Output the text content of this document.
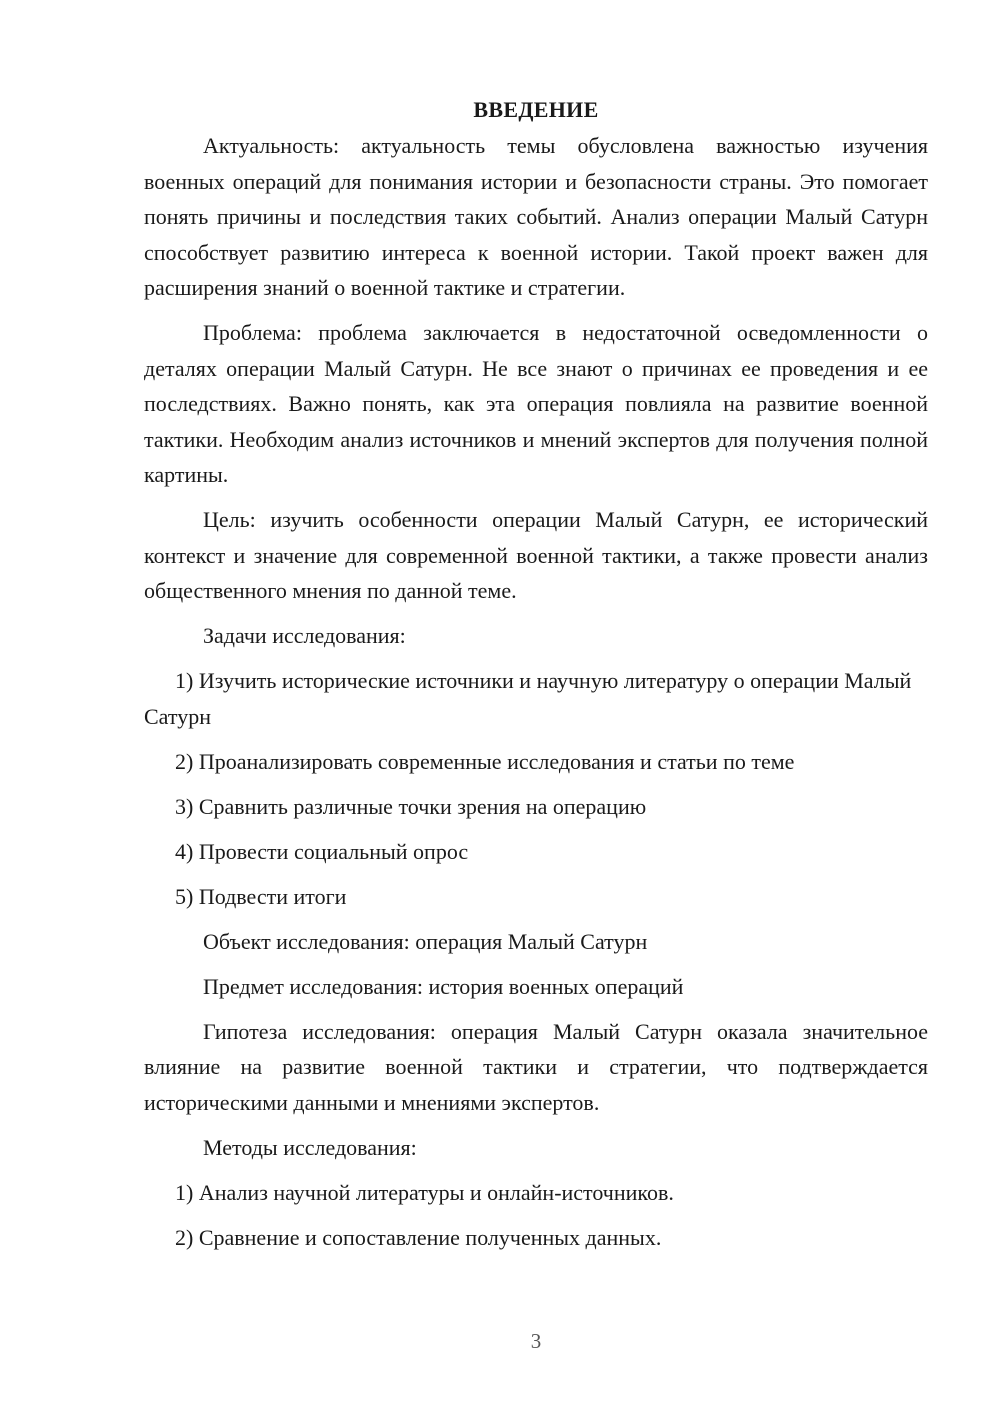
ВВЕДЕНИЕ

Актуальность: актуальность темы обусловлена важностью изучения военных операций для понимания истории и безопасности страны. Это помогает понять причины и последствия таких событий. Анализ операции Малый Сатурн способствует развитию интереса к военной истории. Такой проект важен для расширения знаний о военной тактике и стратегии.

Проблема: проблема заключается в недостаточной осведомленности о деталях операции Малый Сатурн. Не все знают о причинах ее проведения и ее последствиях. Важно понять, как эта операция повлияла на развитие военной тактики. Необходим анализ источников и мнений экспертов для получения полной картины.

Цель: изучить особенности операции Малый Сатурн, ее исторический контекст и значение для современной военной тактики, а также провести анализ общественного мнения по данной теме.

Задачи исследования:

1) Изучить исторические источники и научную литературу о операции Малый Сатурн

2) Проанализировать современные исследования и статьи по теме

3) Сравнить различные точки зрения на операцию

4) Провести социальный опрос

5) Подвести итоги

Объект исследования: операция Малый Сатурн

Предмет исследования: история военных операций

Гипотеза исследования: операция Малый Сатурн оказала значительное влияние на развитие военной тактики и стратегии, что подтверждается историческими данными и мнениями экспертов.

Методы исследования:

1) Анализ научной литературы и онлайн-источников.

2) Сравнение и сопоставление полученных данных.

3
